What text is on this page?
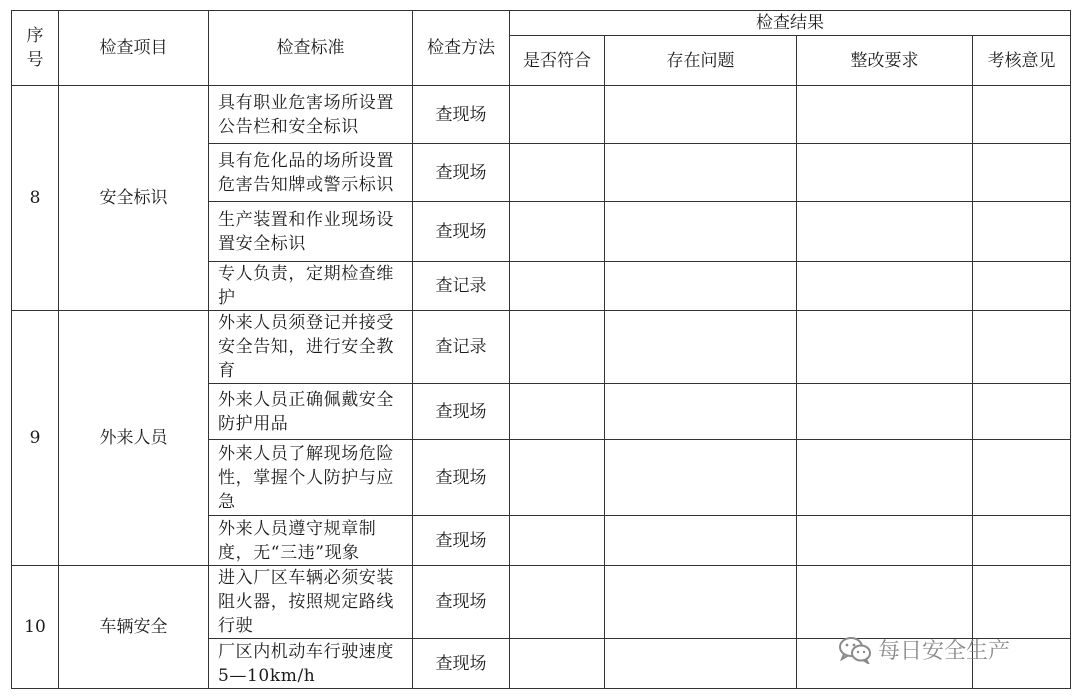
序
号	检查项目	检查标准	检查方法	检查结果			
				是否符合	存在问题	整改要求	考核意见
8	安全标识	具有职业危害场所设置
公告栏和安全标识	查现场				

		具有危化品的场所设置
危害告知牌或警示标识	查现场				

		生产装置和作业现场设
置安全标识	查现场				

		专人负责，定期检查维
护	查记录				
9	外来人员	外来人员须登记并接受
安全告知，进行安全教
育	查记录				

		外来人员正确佩戴安全
防护用品	查现场				

		外来人员了解现场危险
性，掌握个人防护与应
急	查现场				

		外来人员遵守规章制
度，无“三违”现象	查现场				
10	车辆安全	进入厂区车辆必须安装
阻火器，按照规定路线
行驶	查现场				

		厂区内机动车行驶速度
5—10km/h	查现场					每日安全生产
